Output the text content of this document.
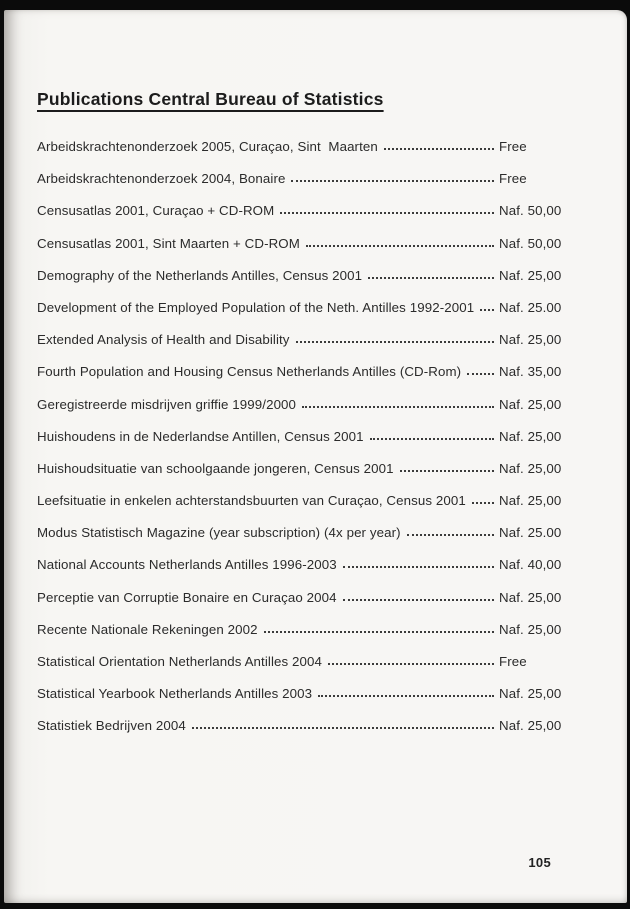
Publications Central Bureau of Statistics
Arbeidskrachtenonderzoek 2005, Curaçao, Sint  Maarten	Free
Arbeidskrachtenonderzoek 2004, Bonaire	Free
Censusatlas 2001, Curaçao + CD-ROM	Naf. 50,00
Censusatlas 2001, Sint Maarten + CD-ROM	Naf. 50,00
Demography of the Netherlands Antilles, Census 2001	Naf. 25,00
Development of the Employed Population of the Neth. Antilles 1992-2001 Naf. 25.00
Extended Analysis of Health and Disability	Naf. 25,00
Fourth Population and Housing Census Netherlands Antilles (CD-Rom)	Naf. 35,00
Geregistreerde misdrijven griffie 1999/2000	Naf. 25,00
Huishoudens in de Nederlandse Antillen, Census 2001	Naf. 25,00
Huishoudsituatie van schoolgaande jongeren, Census 2001	Naf. 25,00
Leefsituatie in enkelen achterstandsbuurten van Curaçao, Census 2001 Naf. 25,00
Modus Statistisch Magazine (year subscription) (4x per year)	Naf. 25.00
National Accounts Netherlands Antilles 1996-2003	Naf. 40,00
Perceptie van Corruptie Bonaire en Curaçao 2004	Naf. 25,00
Recente Nationale Rekeningen 2002	Naf. 25,00
Statistical Orientation Netherlands Antilles 2004	Free
Statistical Yearbook Netherlands Antilles 2003	Naf. 25,00
Statistiek Bedrijven 2004	Naf. 25,00
105
